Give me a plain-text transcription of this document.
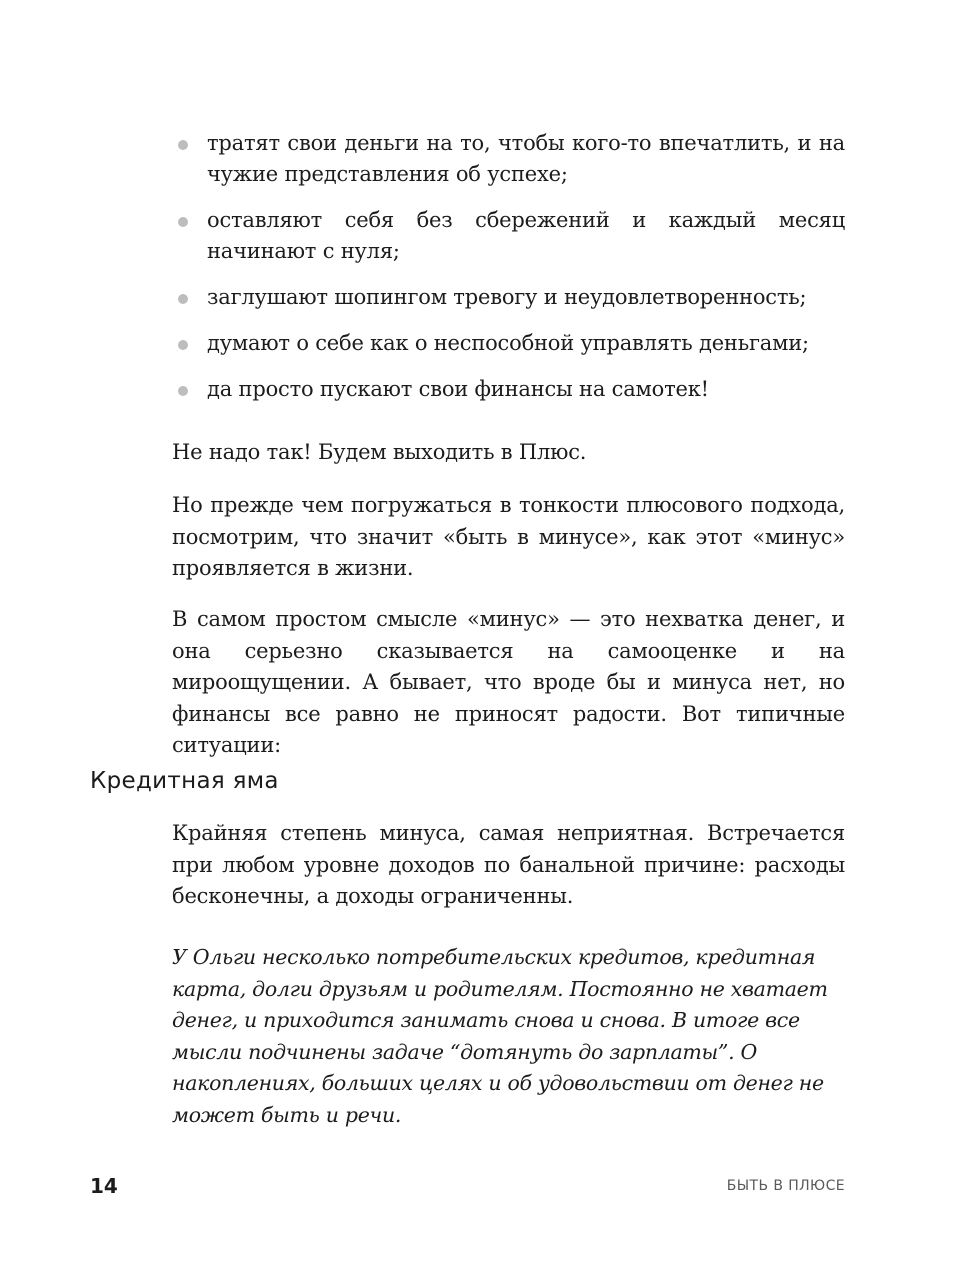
тратят свои деньги на то, чтобы кого-то впечатлить, и на чужие представления об успехе;
оставляют себя без сбережений и каждый месяц начинают с нуля;
заглушают шопингом тревогу и неудовлетворенность;
думают о себе как о неспособной управлять деньгами;
да просто пускают свои финансы на самотек!

Не надо так! Будем выходить в Плюс.

Но прежде чем погружаться в тонкости плюсового подхода, посмотрим, что значит «быть в минусе», как этот «минус» проявляется в жизни.

В самом простом смысле «минус» — это нехватка денег, и она серьезно сказывается на самооценке и на мироощущении. А бывает, что вроде бы и минуса нет, но финансы все равно не приносят радости. Вот типичные ситуации:

Кредитная яма

Крайняя степень минуса, самая неприятная. Встречается при любом уровне доходов по банальной причине: расходы бесконечны, а доходы ограниченны.

У Ольги несколько потребительских кредитов, кредитная карта, долги друзьям и родителям. Постоянно не хватает денег, и приходится занимать снова и снова. В итоге все мысли подчинены задаче “дотянуть до зарплаты”. О накоплениях, больших целях и об удовольствии от денег не может быть и речи.

14	БЫТЬ В ПЛЮСЕ
